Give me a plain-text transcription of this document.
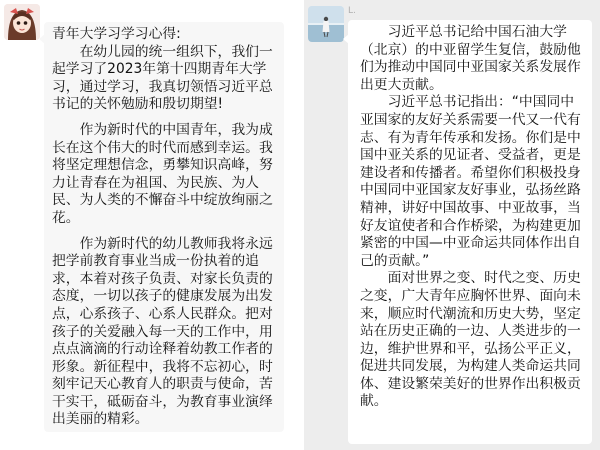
青年大学习学习心得:
在幼儿园的统一组织下，我们一起学习了2023年第十四期青年大学习，通过学习，我真切领悟习近平总书记的关怀勉励和殷切期望!
作为新时代的中国青年，我为成长在这个伟大的时代而感到幸运。我将坚定理想信念，勇攀知识高峰，努力让青春在为祖国、为民族、为人民、为人类的不懈奋斗中绽放绚丽之花。
作为新时代的幼儿教师我将永远把学前教育事业当成一份执着的追求，本着对孩子负责、对家长负责的态度，一切以孩子的健康发展为出发点，心系孩子、心系人民群众。把对孩子的关爱融入每一天的工作中，用点点滴滴的行动诠释着幼教工作者的形象。新征程中，我将不忘初心，时刻牢记天心教育人的职责与使命，苦干实干，砥砺奋斗，为教育事业演绎出美丽的精彩。
L.
习近平总书记给中国石油大学（北京）的中亚留学生复信，鼓励他们为推动中国同中亚国家关系发展作出更大贡献。
习近平总书记指出：“中国同中亚国家的友好关系需要一代又一代有志、有为青年传承和发扬。你们是中国中亚关系的见证者、受益者，更是建设者和传播者。希望你们积极投身中国同中亚国家友好事业，弘扬丝路精神，讲好中国故事、中亚故事，当好友谊使者和合作桥梁，为构建更加紧密的中国—中亚命运共同体作出自己的贡献。”
面对世界之变、时代之变、历史之变，广大青年应胸怀世界、面向未来，顺应时代潮流和历史大势，坚定站在历史正确的一边、人类进步的一边，维护世界和平，弘扬公平正义，促进共同发展，为构建人类命运共同体、建设繁荣美好的世界作出积极贡献。
